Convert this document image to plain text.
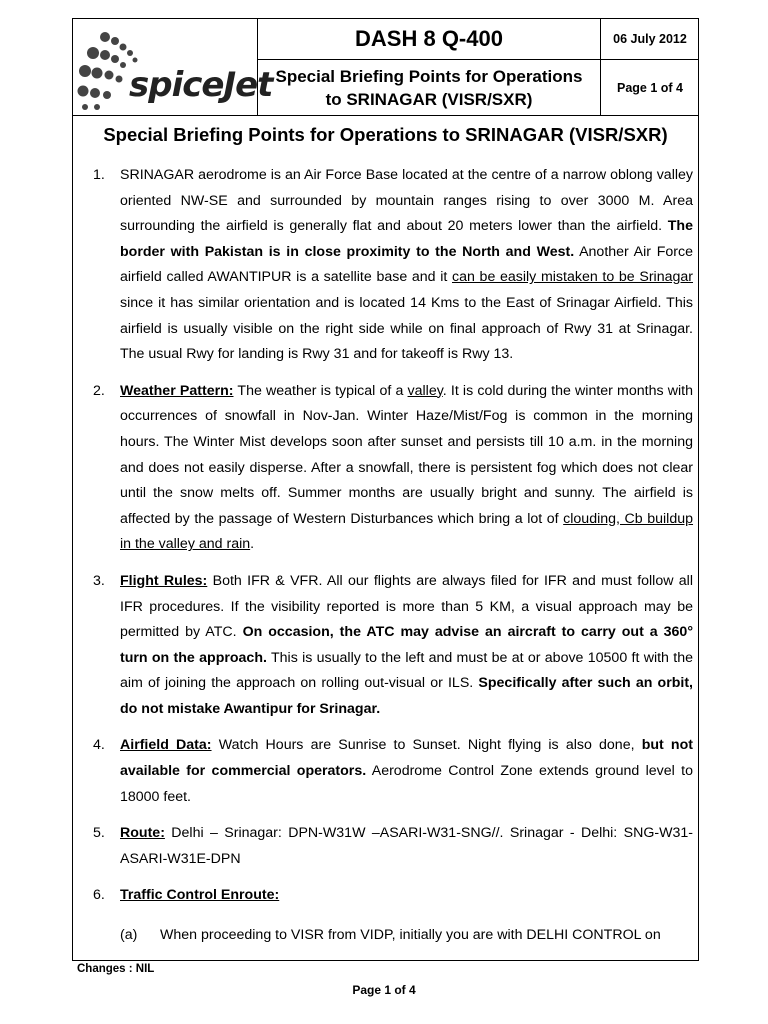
spiceJet
DASH 8 Q-400
Special Briefing Points for Operations
to SRINAGAR (VISR/SXR)
06 July 2012
Page 1 of 4
Special Briefing Points for Operations to SRINAGAR (VISR/SXR)
1. SRINAGAR aerodrome is an Air Force Base located at the centre of a narrow oblong valley oriented NW-SE and surrounded by mountain ranges rising to over 3000 M. Area surrounding the airfield is generally flat and about 20 meters lower than the airfield. The border with Pakistan is in close proximity to the North and West. Another Air Force airfield called AWANTIPUR is a satellite base and it can be easily mistaken to be Srinagar since it has similar orientation and is located 14 Kms to the East of Srinagar Airfield. This airfield is usually visible on the right side while on final approach of Rwy 31 at Srinagar. The usual Rwy for landing is Rwy 31 and for takeoff is Rwy 13.
2. Weather Pattern: The weather is typical of a valley. It is cold during the winter months with occurrences of snowfall in Nov-Jan. Winter Haze/Mist/Fog is common in the morning hours. The Winter Mist develops soon after sunset and persists till 10 a.m. in the morning and does not easily disperse. After a snowfall, there is persistent fog which does not clear until the snow melts off. Summer months are usually bright and sunny. The airfield is affected by the passage of Western Disturbances which bring a lot of clouding, Cb buildup in the valley and rain.
3. Flight Rules: Both IFR & VFR. All our flights are always filed for IFR and must follow all IFR procedures. If the visibility reported is more than 5 KM, a visual approach may be permitted by ATC. On occasion, the ATC may advise an aircraft to carry out a 360° turn on the approach. This is usually to the left and must be at or above 10500 ft with the aim of joining the approach on rolling out-visual or ILS. Specifically after such an orbit, do not mistake Awantipur for Srinagar.
4. Airfield Data: Watch Hours are Sunrise to Sunset. Night flying is also done, but not available for commercial operators. Aerodrome Control Zone extends ground level to 18000 feet.
5. Route: Delhi – Srinagar: DPN-W31W –ASARI-W31-SNG//. Srinagar - Delhi: SNG-W31-ASARI-W31E-DPN
6. Traffic Control Enroute:
(a) When proceeding to VISR from VIDP, initially you are with DELHI CONTROL on
Changes : NIL
Page 1 of 4
